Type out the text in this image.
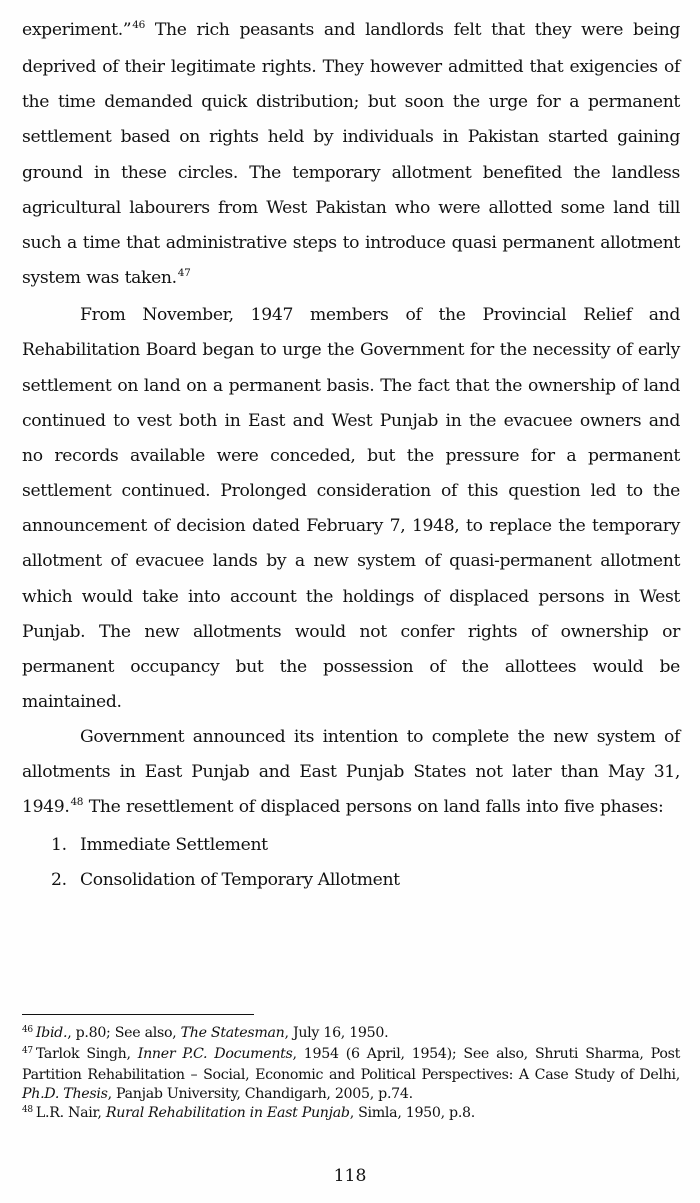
experiment.”$^{46}$ The rich peasants and landlords felt that they were being deprived of their legitimate rights. They however admitted that exigencies of the time demanded quick distribution; but soon the urge for a permanent settlement based on rights held by individuals in Pakistan started gaining ground in these circles. The temporary allotment benefited the landless agricultural labourers from West Pakistan who were allotted some land till such a time that administrative steps to introduce quasi permanent allotment system was taken.$^{47}$

From November, 1947 members of the Provincial Relief and Rehabilitation Board began to urge the Government for the necessity of early settlement on land on a permanent basis. The fact that the ownership of land continued to vest both in East and West Punjab in the evacuee owners and no records available were conceded, but the pressure for a permanent settlement continued. Prolonged consideration of this question led to the announcement of decision dated February 7, 1948, to replace the temporary allotment of evacuee lands by a new system of quasi-permanent allotment which would take into account the holdings of displaced persons in West Punjab. The new allotments would not confer rights of ownership or permanent occupancy but the possession of the allottees would be maintained.

Government announced its intention to complete the new system of allotments in East Punjab and East Punjab States not later than May 31, 1949.48 The resettlement of displaced persons on land falls into five phases:

1. Immediate Settlement
2. Consolidation of Temporary Allotment

$^{46}$ Ibid., p.80; See also, The Statesman, July 16, 1950.

$^{47}$ Tarlok Singh, Inner P.C. Documents, 1954 (6 April, 1954); See also, Shruti Sharma, Post Partition Rehabilitation – Social, Economic and Political Perspectives: A Case Study of Delhi, Ph.D. Thesis, Panjab University, Chandigarh, 2005, p.74.

$^{48}$ L.R. Nair, Rural Rehabilitation in East Punjab, Simla, 1950, p.8.

118
